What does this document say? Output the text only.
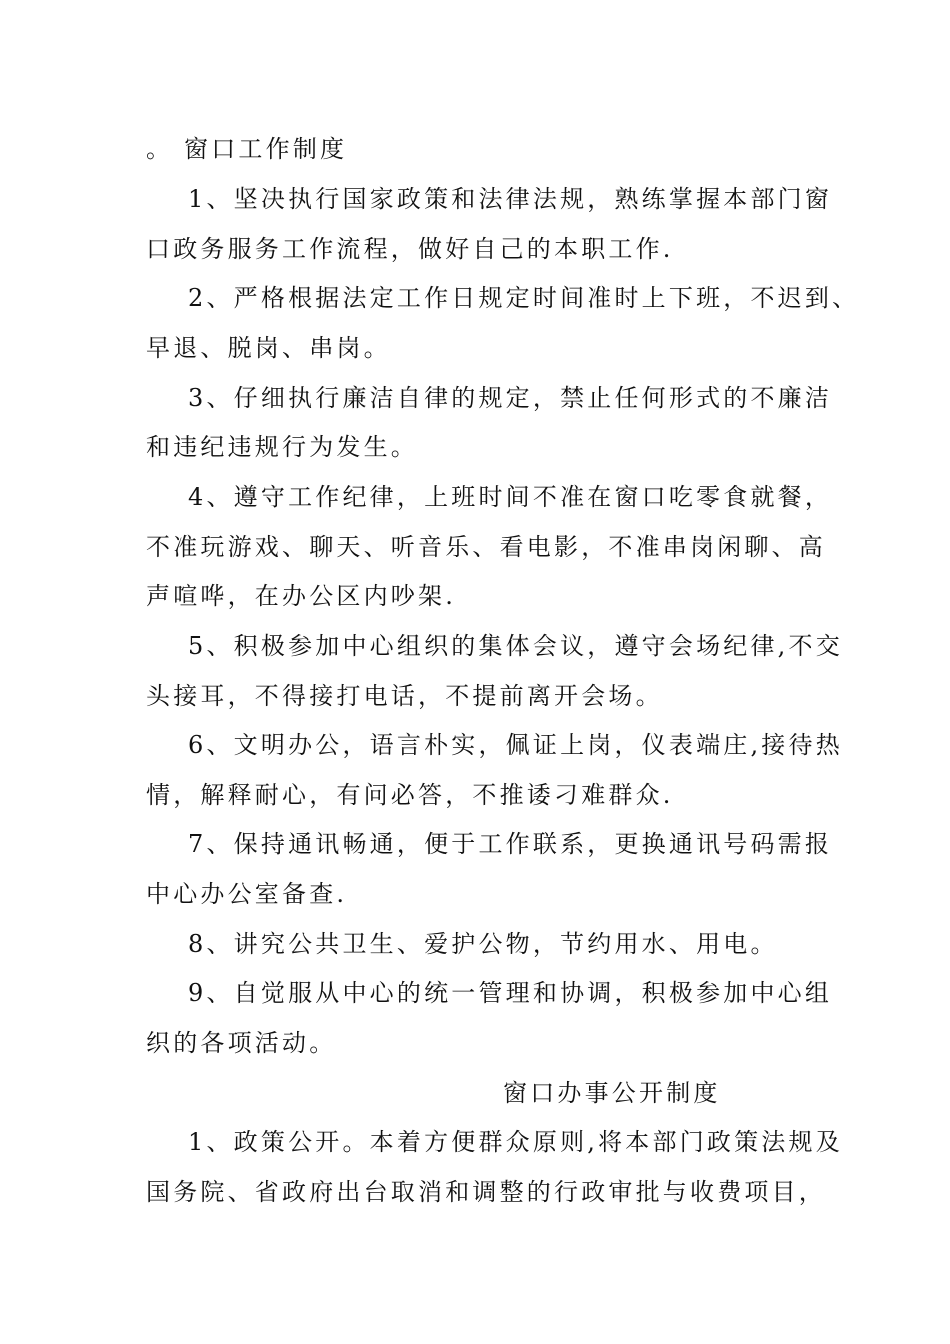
。 窗口工作制度
1、坚决执行国家政策和法律法规，熟练掌握本部门窗
口政务服务工作流程，做好自己的本职工作.
2、严格根据法定工作日规定时间准时上下班，不迟到、
早退、脱岗、串岗。
3、仔细执行廉洁自律的规定，禁止任何形式的不廉洁
和违纪违规行为发生。
4、遵守工作纪律，上班时间不准在窗口吃零食就餐，
不准玩游戏、聊天、听音乐、看电影，不准串岗闲聊、高
声喧哗，在办公区内吵架.
5、积极参加中心组织的集体会议，遵守会场纪律,不交
头接耳，不得接打电话，不提前离开会场。
6、文明办公，语言朴实，佩证上岗，仪表端庄,接待热
情，解释耐心，有问必答，不推诿刁难群众.
7、保持通讯畅通，便于工作联系，更换通讯号码需报
中心办公室备查.
8、讲究公共卫生、爱护公物，节约用水、用电。
9、自觉服从中心的统一管理和协调，积极参加中心组
织的各项活动。
窗口办事公开制度
1、政策公开。本着方便群众原则,将本部门政策法规及
国务院、省政府出台取消和调整的行政审批与收费项目，
